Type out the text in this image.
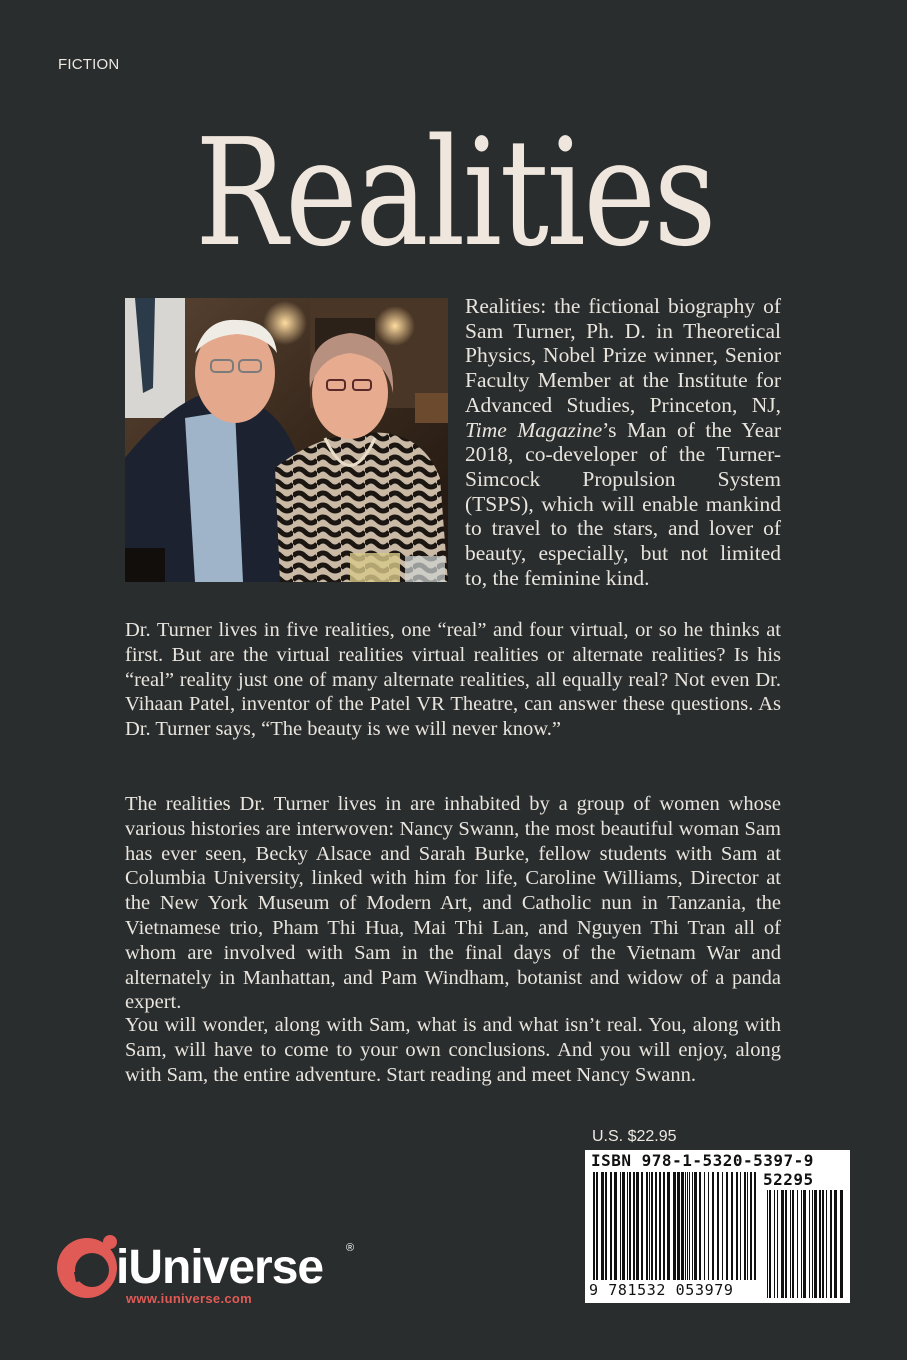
FICTION
Realities
Realities: the fictional biography of Sam Turner, Ph. D. in Theoretical Physics, Nobel Prize winner, Senior Faculty Member at the Institute for Advanced Studies, Princeton, NJ, Time Magazine’s Man of the Year 2018, co-developer of the Turner-Simcock Propulsion System (TSPS), which will enable mankind to travel to the stars, and lover of beauty, especially, but not limited to, the feminine kind.
Dr. Turner lives in five realities, one “real” and four virtual, or so he thinks at first. But are the virtual realities virtual realities or alternate realities? Is his “real” reality just one of many alternate realities, all equally real? Not even Dr. Vihaan Patel, inventor of the Patel VR Theatre, can answer these questions. As Dr. Turner says, “The beauty is we will never know.”
The realities Dr. Turner lives in are inhabited by a group of women whose various histories are interwoven: Nancy Swann, the most beautiful woman Sam has ever seen, Becky Alsace and Sarah Burke, fellow students with Sam at Columbia University, linked with him for life, Caroline Williams, Director at the New York Museum of Modern Art, and Catholic nun in Tanzania, the Vietnamese trio, Pham Thi Hua, Mai Thi Lan, and Nguyen Thi Tran all of whom are involved with Sam in the final days of the Vietnam War and alternately in Manhattan, and Pam Windham, botanist and widow of a panda expert.
You will wonder, along with Sam, what is and what isn’t real. You, along with Sam, will have to come to your own conclusions. And you will enjoy, along with Sam, the entire adventure. Start reading and meet Nancy Swann.
U.S. $22.95
ISBN 978-1-5320-5397-9
52295
9 781532 053979
iUniverse ®
www.iuniverse.com
